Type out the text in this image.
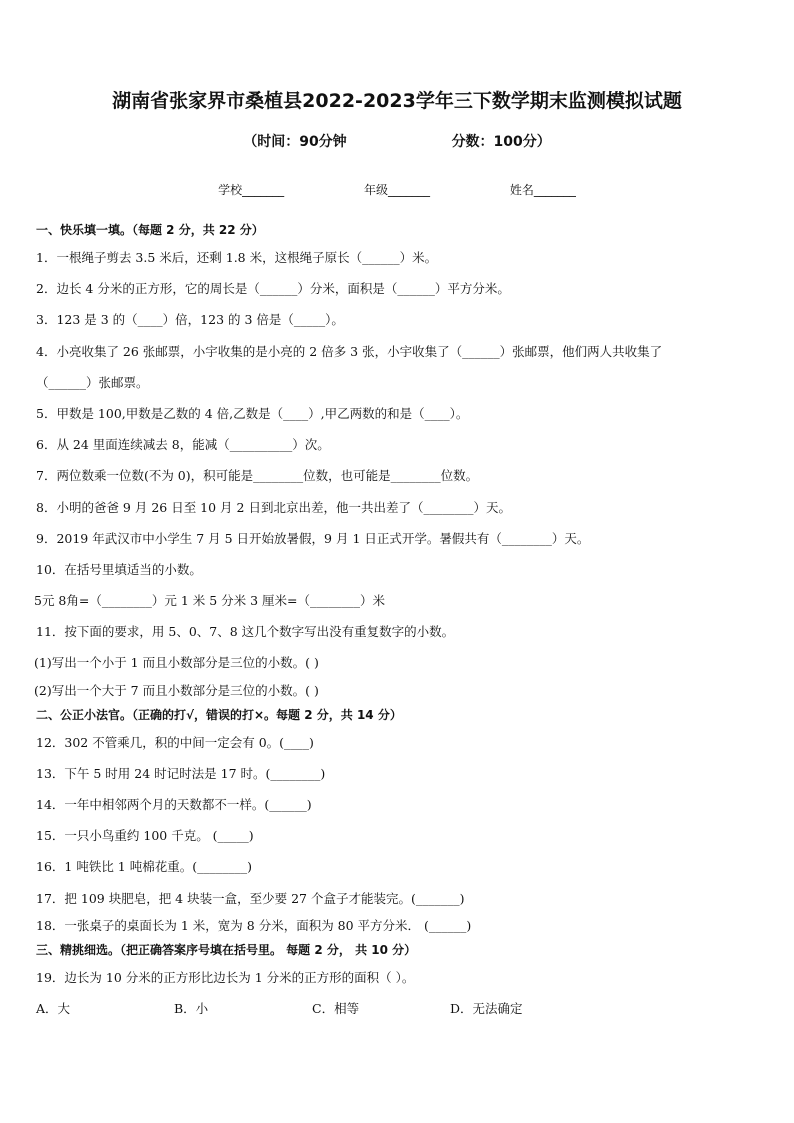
湖南省张家界市桑植县2022-2023学年三下数学期末监测模拟试题
（时间：90分钟	分数：100分）
学校_______	年级_______	姓名_______
一、快乐填一填。（每题 2 分，共 22 分）
1．一根绳子剪去 3.5 米后，还剩 1.8 米，这根绳子原长（______）米。
2．边长 4 分米的正方形，它的周长是（______）分米，面积是（______）平方分米。
3．123 是 3 的（____）倍，123 的 3 倍是（_____）。
4．小亮收集了 26 张邮票，小宇收集的是小亮的 2 倍多 3 张，小宇收集了（______）张邮票，他们两人共收集了
（______）张邮票。
5．甲数是 100,甲数是乙数的 4 倍,乙数是（____）,甲乙两数的和是（____）。
6．从 24 里面连续减去 8，能减（__________）次。
7．两位数乘一位数(不为 0)，积可能是________位数，也可能是________位数。
8．小明的爸爸 9 月 26 日至 10 月 2 日到北京出差，他一共出差了（________）天。
9．2019 年武汉市中小学生 7 月 5 日开始放暑假，9 月 1 日正式开学。暑假共有（________）天。
10．在括号里填适当的小数。
5元 8角=（________）元 1 米 5 分米 3 厘米=（________）米
11．按下面的要求，用 5、0、7、8 这几个数字写出没有重复数字的小数。
(1)写出一个小于 1 而且小数部分是三位的小数。( )
(2)写出一个大于 7 而且小数部分是三位的小数。( )
二、公正小法官。（正确的打√，错误的打×。每题 2 分，共 14 分）
12．302 不管乘几，积的中间一定会有 0。(____)
13．下午 5 时用 24 时记时法是 17 时。(________)
14．一年中相邻两个月的天数都不一样。(______)
15．一只小鸟重约 100 千克。 (_____)
16．1 吨铁比 1 吨棉花重。(________)
17．把 109 块肥皂，把 4 块装一盒，至少要 27 个盒子才能装完。(_______)
18．一张桌子的桌面长为 1 米，宽为 8 分米，面积为 80 平方分米． (______)
三、精挑细选。（把正确答案序号填在括号里。 每题 2 分， 共 10 分）
19．边长为 10 分米的正方形比边长为 1 分米的正方形的面积（ ）。
A．大	B．小	C．相等	D．无法确定
